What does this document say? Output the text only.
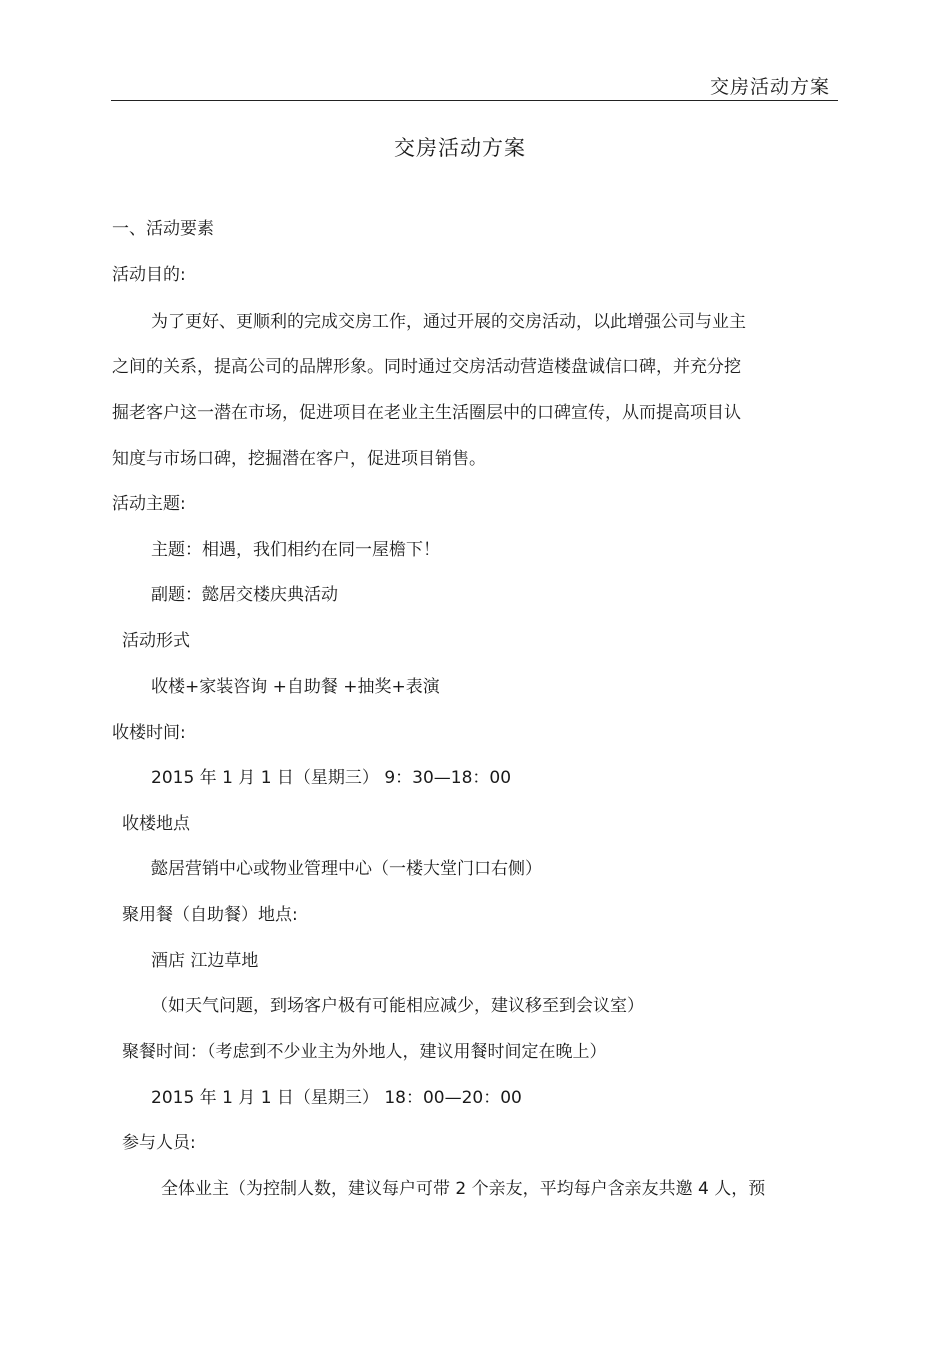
交房活动方案
交房活动方案
一、活动要素
活动目的:
为了更好、更顺利的完成交房工作，通过开展的交房活动，以此增强公司与业主
之间的关系，提高公司的品牌形象。同时通过交房活动营造楼盘诚信口碑，并充分挖
掘老客户这一潜在市场，促进项目在老业主生活圈层中的口碑宣传，从而提高项目认
知度与市场口碑，挖掘潜在客户，促进项目销售。
活动主题:
主题：相遇，我们相约在同一屋檐下！
副题：懿居交楼庆典活动
活动形式
收楼+家装咨询 +自助餐 +抽奖+表演
收楼时间:
2015 年 1 月 1 日（星期三） 9：30—18：00
收楼地点
懿居营销中心或物业管理中心（一楼大堂门口右侧）
聚用餐（自助餐）地点:
酒店 江边草地
（如天气问题，到场客户极有可能相应减少，建议移至到会议室）
聚餐时间：（考虑到不少业主为外地人，建议用餐时间定在晚上）
2015 年 1 月 1 日（星期三） 18：00—20：00
参与人员:
全体业主（为控制人数，建议每户可带 2 个亲友，平均每户含亲友共邀 4 人，预
